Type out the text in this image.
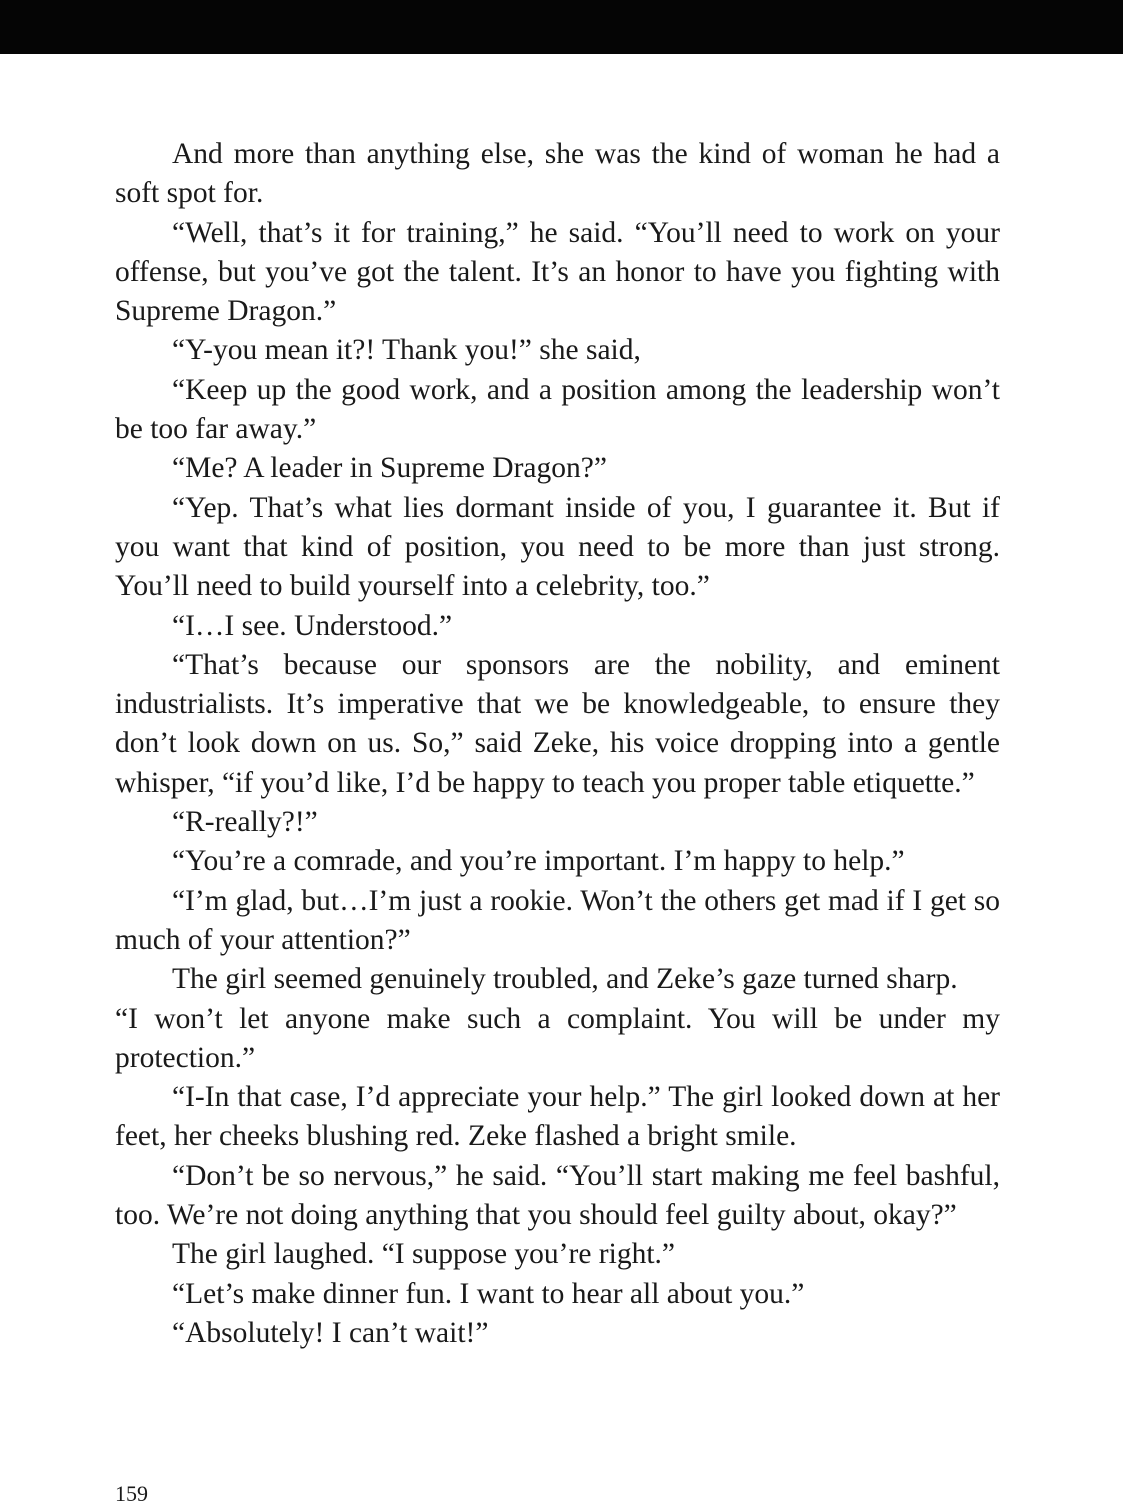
And more than anything else, she was the kind of woman he had a soft spot for.

“Well, that’s it for training,” he said. “You’ll need to work on your offense, but you’ve got the talent. It’s an honor to have you fighting with Supreme Dragon.”

“Y-you mean it?! Thank you!” she said,

“Keep up the good work, and a position among the leadership won’t be too far away.”

“Me? A leader in Supreme Dragon?”

“Yep. That’s what lies dormant inside of you, I guarantee it. But if you want that kind of position, you need to be more than just strong. You’ll need to build yourself into a celebrity, too.”

“I…I see. Understood.”

“That’s because our sponsors are the nobility, and eminent industrialists. It’s imperative that we be knowledgeable, to ensure they don’t look down on us. So,” said Zeke, his voice dropping into a gentle whisper, “if you’d like, I’d be happy to teach you proper table etiquette.”

“R-really?!”

“You’re a comrade, and you’re important. I’m happy to help.”

“I’m glad, but…I’m just a rookie. Won’t the others get mad if I get so much of your attention?”

The girl seemed genuinely troubled, and Zeke’s gaze turned sharp.

“I won’t let anyone make such a complaint. You will be under my protection.”

“I-In that case, I’d appreciate your help.” The girl looked down at her feet, her cheeks blushing red. Zeke flashed a bright smile.

“Don’t be so nervous,” he said. “You’ll start making me feel bashful, too. We’re not doing anything that you should feel guilty about, okay?”

The girl laughed. “I suppose you’re right.”

“Let’s make dinner fun. I want to hear all about you.”

“Absolutely! I can’t wait!”

159
